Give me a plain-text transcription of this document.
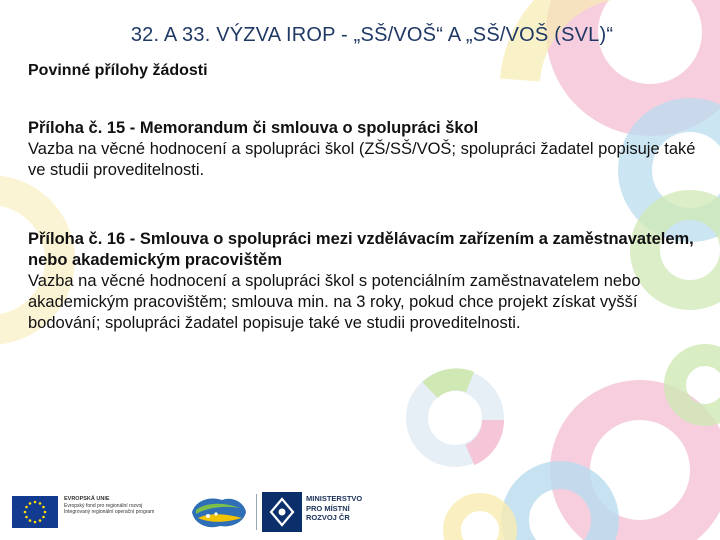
32. A 33. VÝZVA IROP - „SŠ/VOŠ“ A „SŠ/VOŠ (SVL)“
Povinné přílohy žádosti
Příloha č. 15 - Memorandum či smlouva o spolupráci škol
Vazba na věcné hodnocení a spolupráci škol (ZŠ/SŠ/VOŠ; spolupráci žadatel popisuje také ve studii proveditelnosti.
Příloha č. 16 - Smlouva o spolupráci mezi vzdělávacím zařízením a zaměstnavatelem, nebo akademickým pracovištěm
Vazba na věcné hodnocení a spolupráci škol s potenciálním zaměstnavatelem nebo akademickým pracovištěm; smlouva min. na 3 roky, pokud chce projekt získat vyšší bodování; spolupráci žadatel popisuje také ve studii proveditelnosti.
EVROPSKÁ UNIE
Evropský fond pro regionální rozvoj
Integrovaný regionální operační program
MINISTERSTVO
PRO MÍSTNÍ
ROZVOJ ČR
